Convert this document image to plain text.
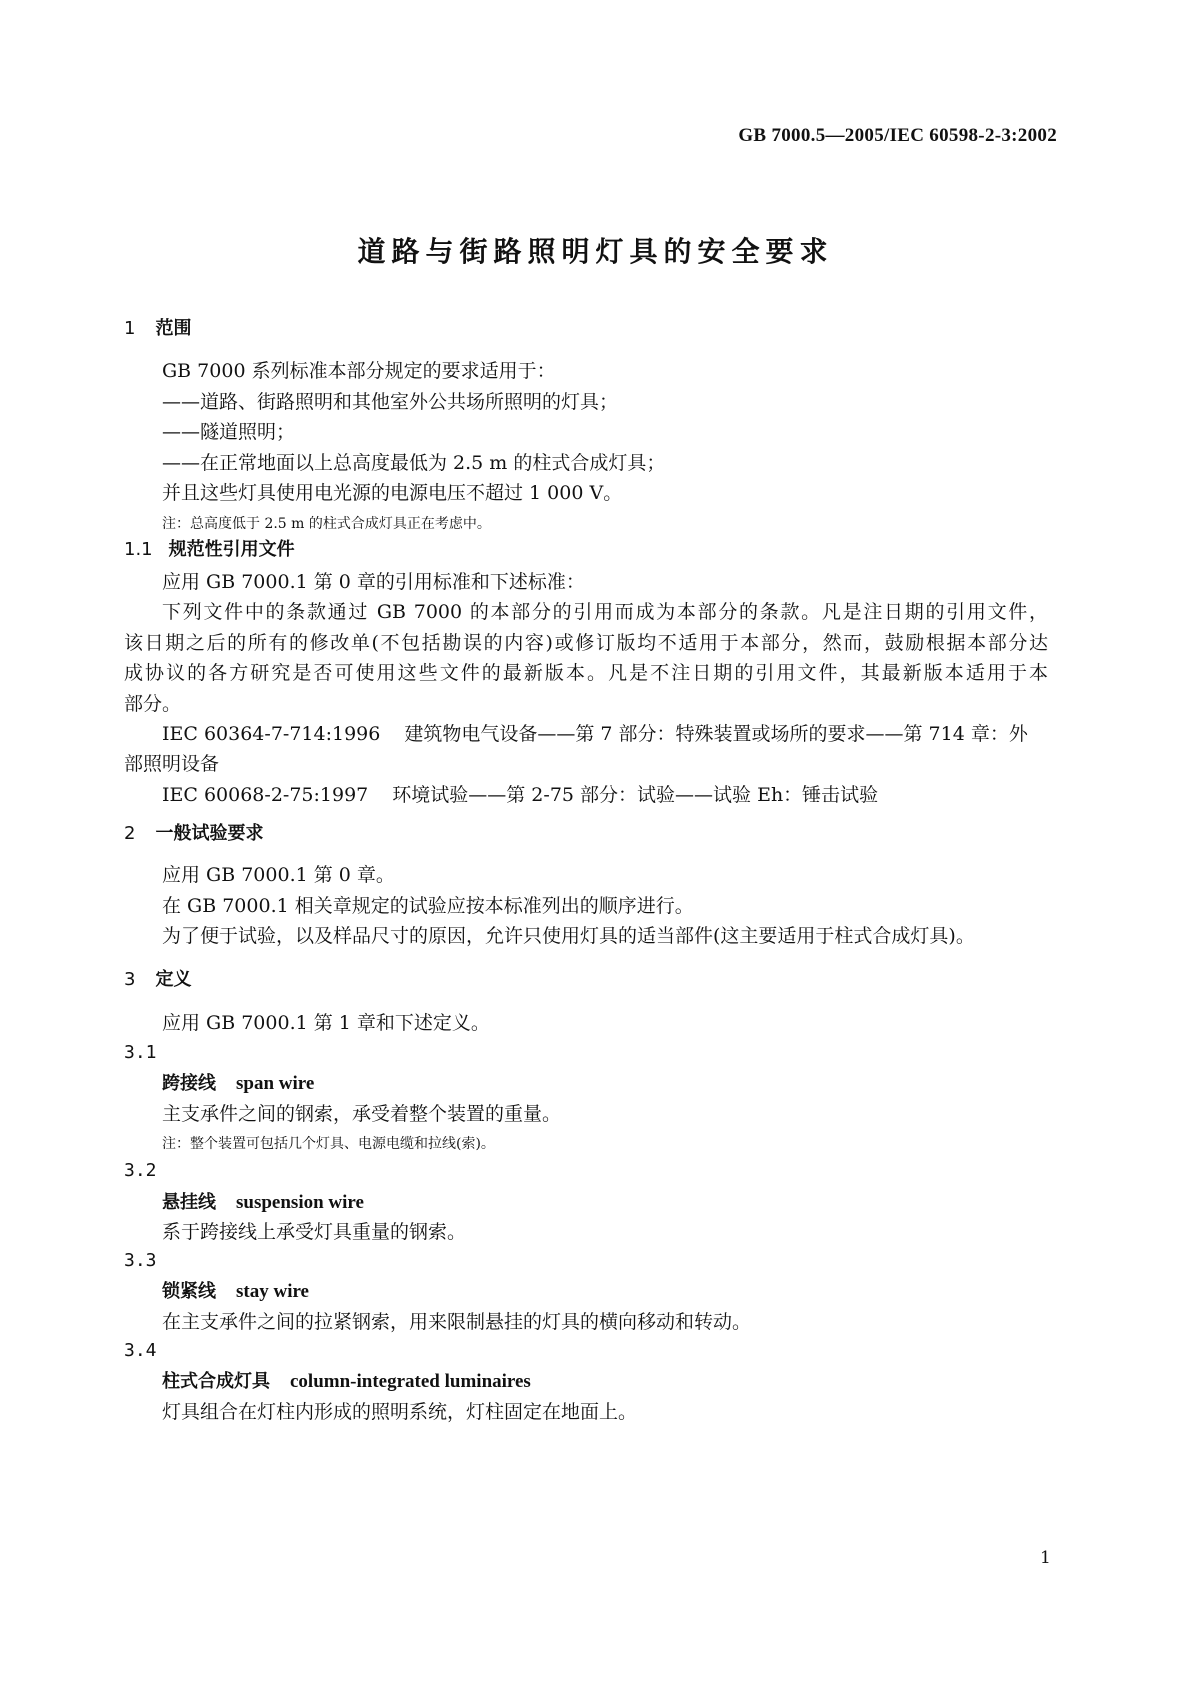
GB 7000.5—2005/IEC 60598-2-3:2002
道路与街路照明灯具的安全要求
1 范围
GB 7000 系列标准本部分规定的要求适用于：
——道路、街路照明和其他室外公共场所照明的灯具；
——隧道照明；
——在正常地面以上总高度最低为 2.5 m 的柱式合成灯具；
并且这些灯具使用电光源的电源电压不超过 1 000 V。
注：总高度低于 2.5 m 的柱式合成灯具正在考虑中。
1.1 规范性引用文件
应用 GB 7000.1 第 0 章的引用标准和下述标准：
下列文件中的条款通过 GB 7000 的本部分的引用而成为本部分的条款。凡是注日期的引用文件，
该日期之后的所有的修改单(不包括勘误的内容)或修订版均不适用于本部分，然而，鼓励根据本部分达
成协议的各方研究是否可使用这些文件的最新版本。凡是不注日期的引用文件，其最新版本适用于本
部分。
IEC 60364-7-714:1996 建筑物电气设备——第 7 部分：特殊装置或场所的要求——第 714 章：外
部照明设备
IEC 60068-2-75:1997 环境试验——第 2-75 部分：试验——试验 Eh：锤击试验
2 一般试验要求
应用 GB 7000.1 第 0 章。
在 GB 7000.1 相关章规定的试验应按本标准列出的顺序进行。
为了便于试验，以及样品尺寸的原因，允许只使用灯具的适当部件(这主要适用于柱式合成灯具)。
3 定义
应用 GB 7000.1 第 1 章和下述定义。
3.1
跨接线 span wire
主支承件之间的钢索，承受着整个装置的重量。
注：整个装置可包括几个灯具、电源电缆和拉线(索)。
3.2
悬挂线 suspension wire
系于跨接线上承受灯具重量的钢索。
3.3
锁紧线 stay wire
在主支承件之间的拉紧钢索，用来限制悬挂的灯具的横向移动和转动。
3.4
柱式合成灯具 column-integrated luminaires
灯具组合在灯柱内形成的照明系统，灯柱固定在地面上。
1
